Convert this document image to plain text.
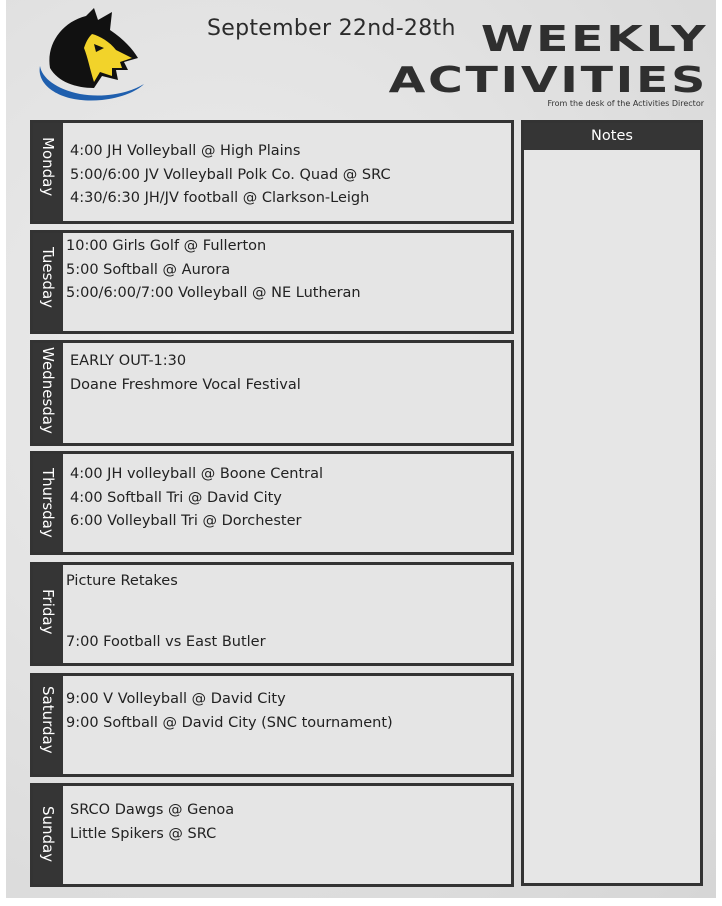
September 22nd-28th WEEKLY
ACTIVITIES
From the desk of the Activities Director
Monday 4:00 JH Volleyball @ High Plains
5:00/6:00 JV Volleyball Polk Co. Quad @ SRC
4:30/6:30 JH/JV football @ Clarkson-Leigh
Tuesday
10:00 Girls Golf @ Fullerton
5:00 Softball @ Aurora
5:00/6:00/7:00 Volleyball @ NE Lutheran
Wednesday EARLY OUT-1:30
Doane Freshmore Vocal Festival
Thursday 4:00 JH volleyball @ Boone Central
4:00 Softball Tri @ David City
6:00 Volleyball Tri @ Dorchester
Friday
Picture Retakes
7:00 Football vs East Butler
Saturday 9:00 V Volleyball @ David City
9:00 Softball @ David City (SNC tournament)
Sunday SRCO Dawgs @ Genoa
Little Spikers @ SRC
Notes
